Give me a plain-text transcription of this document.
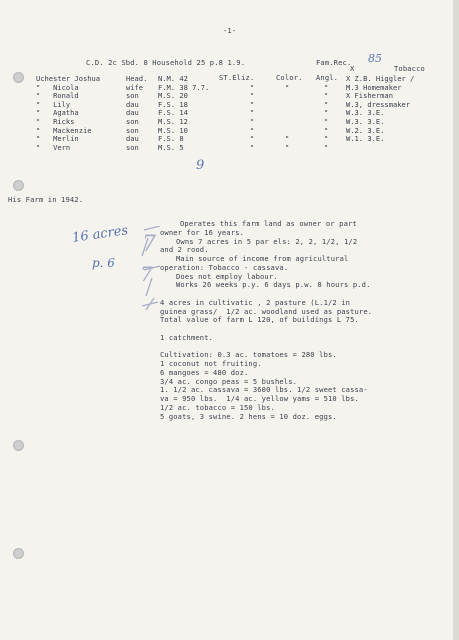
-1-
C.D. 2c Sbd. 8 Household 25 p.8 1.9.	Fam.Rec. 85
X	Tobacco
ST.Eliz.	Color. Angl.
Uchester Joshua	Head. N.M. 42	X Z.B. Higgler /
"   Nicola	wife F.M. 38 7.7.	"	"	" M.3 Homemaker
"   Ronald	son	M.S. 20	"	" X Fisherman
"   Lily	dau	F.S. 18	"	" W.3, dressmaker
"   Agatha	dau	F.S. 14	"	" W.3. 3.E.
"   Ricks	son	M.S. 12	"	" W.3. 3.E.
"   Mackenzie	son	M.S. 10	"	" W.2. 3.E.
"   Merlin	dau	F.S. 8	"	"	" W.1. 3.E.
"   Vern	son	M.S. 5	"	"	"
9
His Farm in 1942.
16 acres
p. 6
7
7
Operates this farm land as owner or part
owner for 16 years.
Owns 7 acres in 5 par els: 2, 2, 1/2, 1/2
and 2 rood.
Main source of income from agricultural
operation: Tobacco - cassava.
Does not employ labour.
Works 26 weeks p.y. 6 days p.w. 8 hours p.d.
4 acres in cultivatic , 2 pasture (L.1/2 in
guinea grass/  1/2 ac. woodland used as pasture.
Total value of farm L 120, of buildings L 75.
1 catchment.
Cultivation: 0.3 ac. tomatoes = 280 lbs.
1 coconut not fruiting.
6 mangoes = 480 doz.
3/4 ac. congo peas = 5 bushels.
1. 1/2 ac. cassava = 3600 lbs. 1/2 sweet cassa-
va = 950 lbs.  1/4 ac. yellow yams = 510 lbs.
1/2 ac. tobacco = 150 lbs.
5 goats, 3 swine. 2 hens = 10 doz. eggs.
